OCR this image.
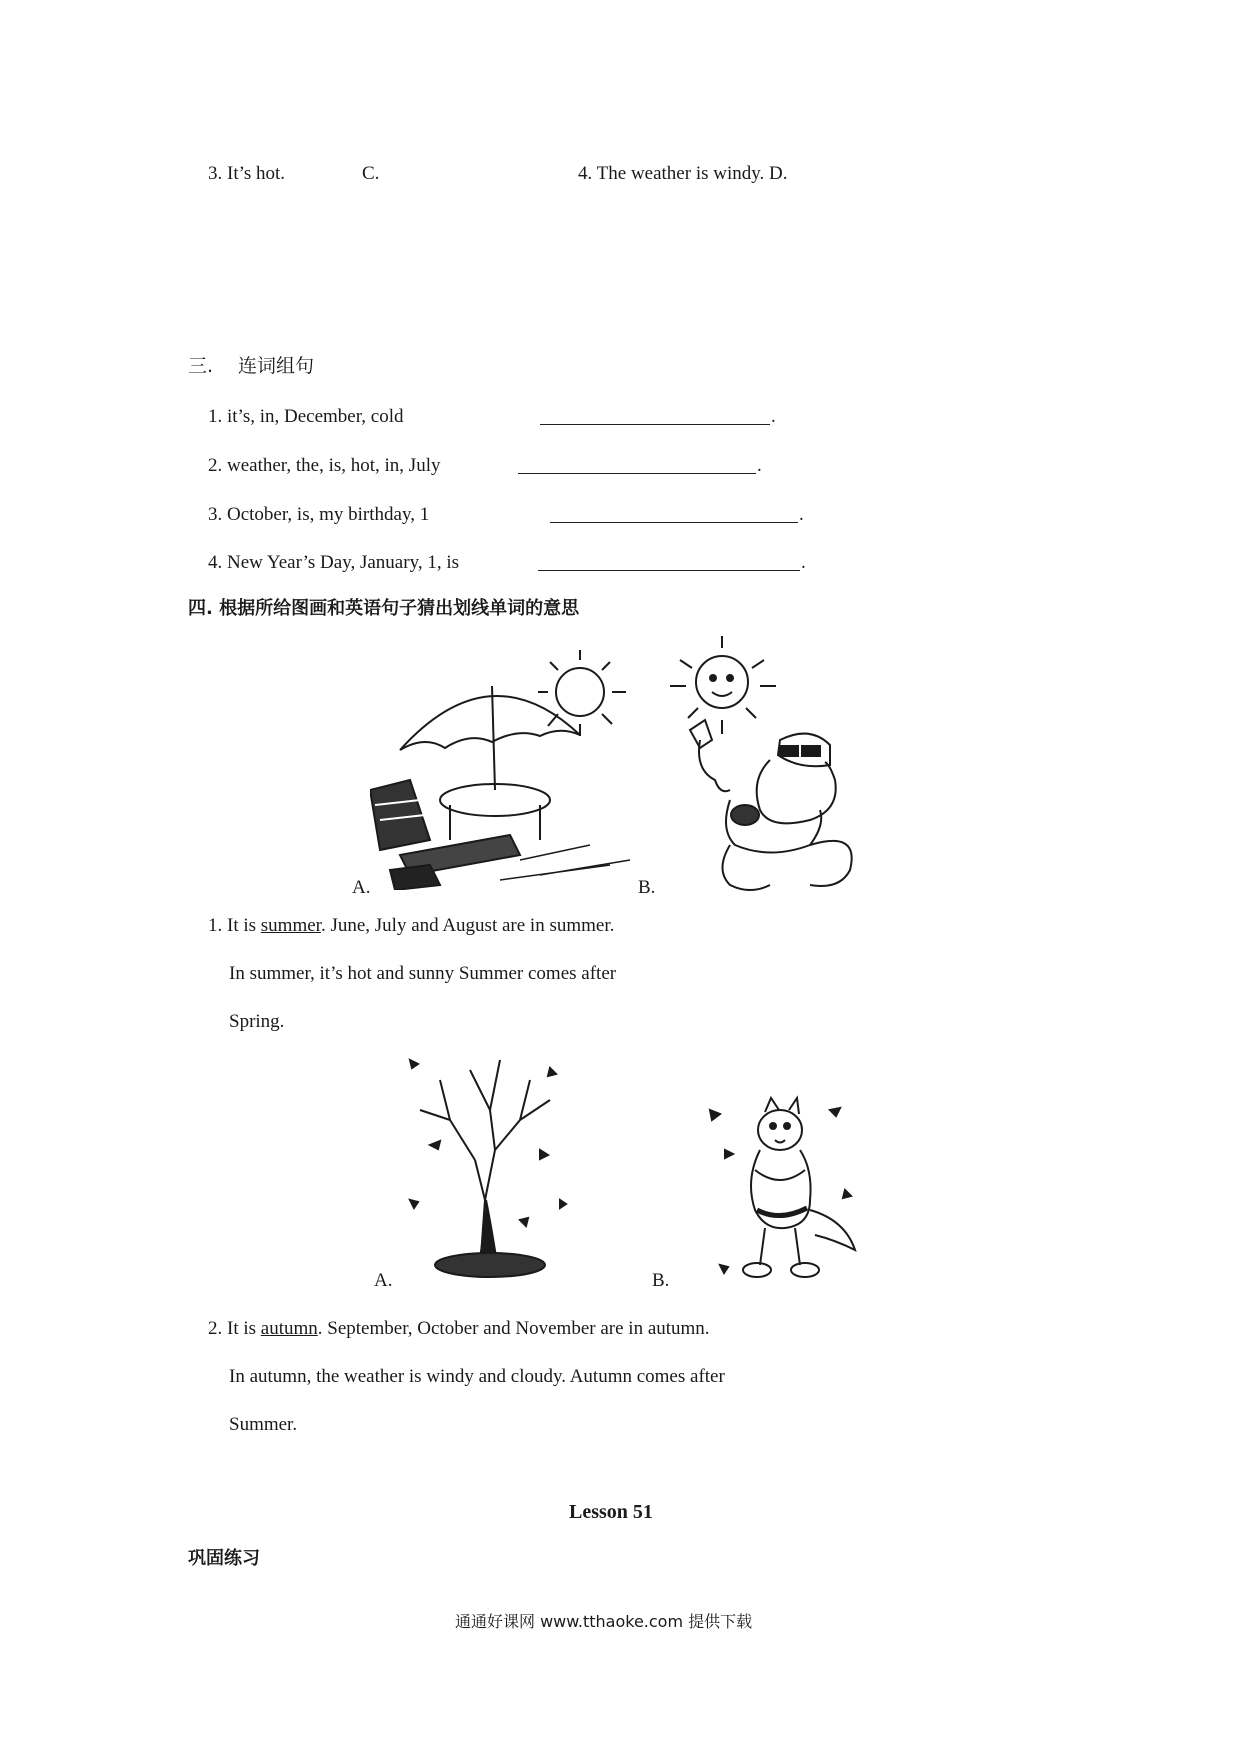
3. It’s hot.	C.	4. The weather is windy. D.
三. 连词组句
1. it’s, in, December, cold	.
2. weather, the, is, hot, in, July	.
3. October, is, my birthday, 1	.
4. New Year’s Day, January, 1, is	.
四. 根据所给图画和英语句子猜出划线单词的意思
A.	B.
1. It is summer. June, July and August are in summer.
In summer, it’s hot and sunny Summer comes after
Spring.
A.	B.
2. It is autumn. September, October and November are in autumn.
In autumn, the weather is windy and cloudy. Autumn comes after
Summer.
Lesson 51
巩固练习
通通好课网 www.tthaoke.com 提供下载
